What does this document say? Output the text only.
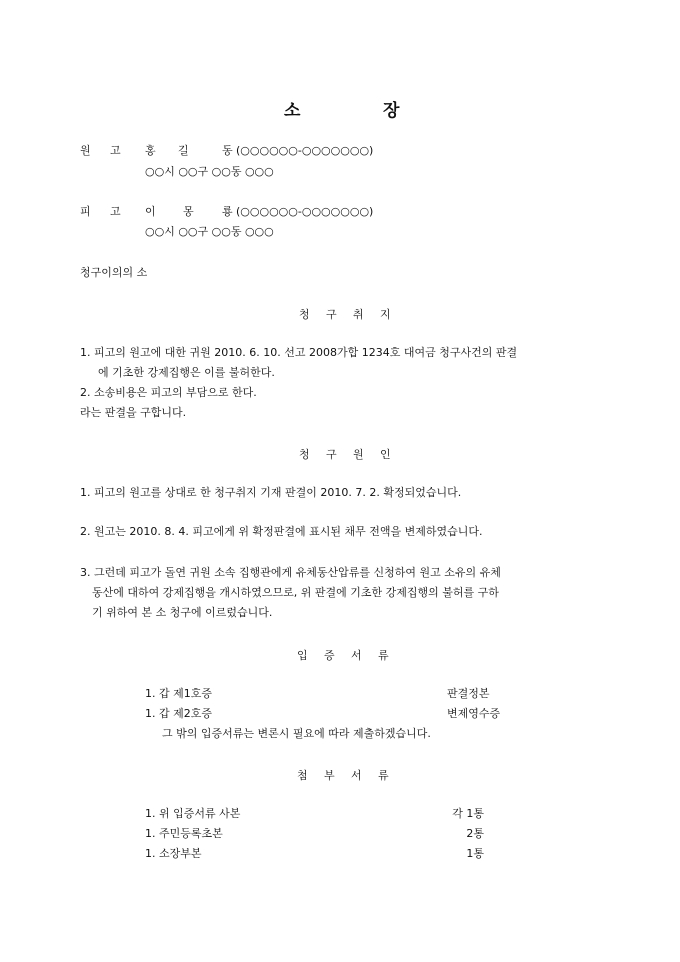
소	장
원 고 홍 길	동 (○○○○○○-○○○○○○○)
○○시 ○○구 ○○동 ○○○
피 고 이 몽	룡 (○○○○○○-○○○○○○○)
○○시 ○○구 ○○동 ○○○
청구이의의 소
청 구 취 지
1. 피고의 원고에 대한 귀원 2010. 6. 10. 선고 2008가합 1234호 대여금 청구사건의 판결
에 기초한 강제집행은 이를 불허한다.
2. 소송비용은 피고의 부담으로 한다.
라는 판결을 구합니다.
청 구 원 인
1. 피고의 원고를 상대로 한 청구취지 기재 판결이 2010. 7. 2. 확정되었습니다.
2. 원고는 2010. 8. 4. 피고에게 위 확정판결에 표시된 채무 전액을 변제하였습니다.
3. 그런데 피고가 돌연 귀원 소속 집행관에게 유체동산압류를 신청하여 원고 소유의 유체
동산에 대하여 강제집행을 개시하였으므로, 위 판결에 기초한 강제집행의 불허를 구하
기 위하여 본 소 청구에 이르렀습니다.
입 증 서 류
1. 갑 제1호증	판결정본
1. 갑 제2호증	변제영수증
그 밖의 입증서류는 변론시 필요에 따라 제출하겠습니다.
첨 부 서 류
1. 위 입증서류 사본	각 1통
1. 주민등록초본	2통
1. 소장부본	1통
